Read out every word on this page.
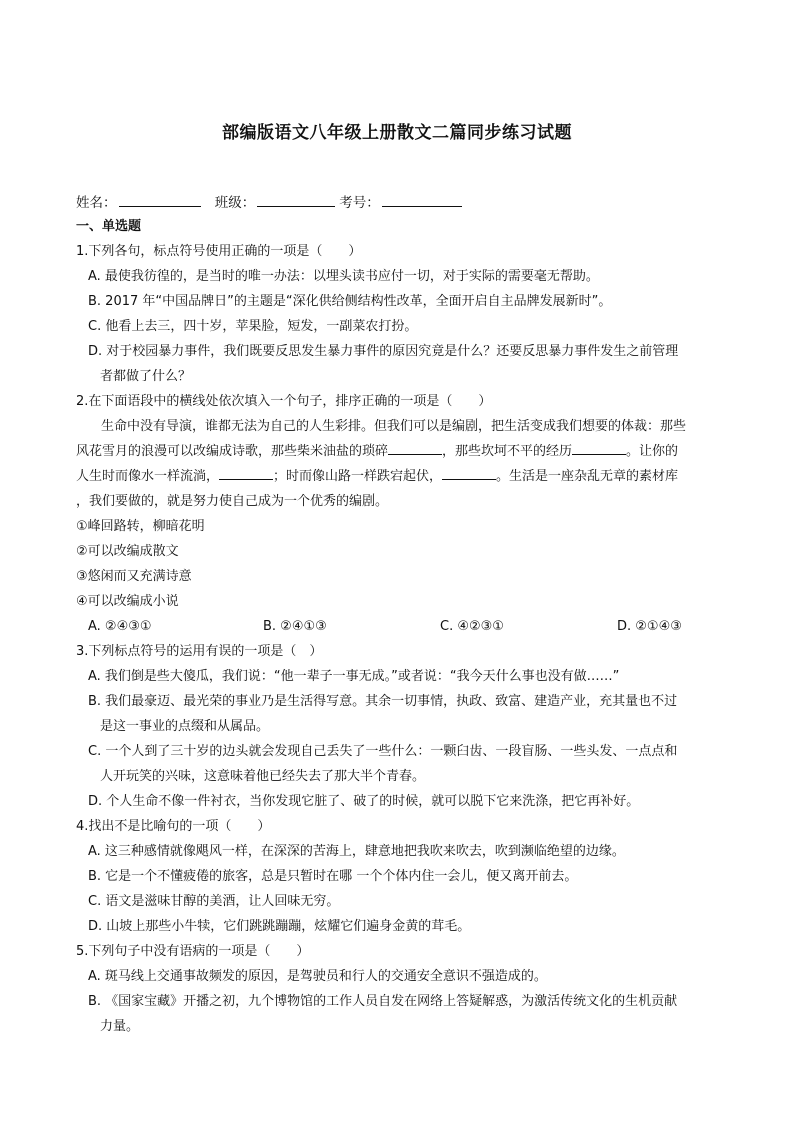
部编版语文八年级上册散文二篇同步练习试题
姓名：	班级：	考号：
一、单选题
1.下列各句，标点符号使用正确的一项是（　　）
A. 最使我彷徨的，是当时的唯一办法：以埋头读书应付一切，对于实际的需要毫无帮助。
B. 2017 年“中国品牌日”的主题是“深化供给侧结构性改革，全面开启自主品牌发展新时”。
C. 他看上去三，四十岁，苹果脸，短发，一副菜农打扮。
D. 对于校园暴力事件，我们既要反思发生暴力事件的原因究竟是什么？还要反思暴力事件发生之前管理
者都做了什么？
2.在下面语段中的横线处依次填入一个句子，排序正确的一项是（　　）
生命中没有导演，谁都无法为自己的人生彩排。但我们可以是编剧，把生活变成我们想要的体裁：那些
风花雪月的浪漫可以改编成诗歌，那些柴米油盐的琐碎	，那些坎坷不平的经历	。让你的
人生时而像水一样流淌，	；时而像山路一样跌宕起伏，	。生活是一座杂乱无章的素材库
，我们要做的，就是努力使自己成为一个优秀的编剧。
①峰回路转，柳暗花明
②可以改编成散文
③悠闲而又充满诗意
④可以改编成小说
A. ②④③①	B. ②④①③	C. ④②③①	D. ②①④③
3.下列标点符号的运用有误的一项是（　）
A. 我们倒是些大傻瓜，我们说：“他一辈子一事无成。”或者说：“我今天什么事也没有做……”
B. 我们最豪迈、最光荣的事业乃是生活得写意。其余一切事情，执政、致富、建造产业，充其量也不过
是这一事业的点缀和从属品。
C. 一个人到了三十岁的边头就会发现自己丢失了一些什么：一颗臼齿、一段盲肠、一些头发、一点点和
人开玩笑的兴味，这意味着他已经失去了那大半个青春。
D. 个人生命不像一件衬衣，当你发现它脏了、破了的时候，就可以脱下它来洗涤，把它再补好。
4.找出不是比喻句的一项（　　）
A. 这三种感情就像飓风一样，在深深的苦海上，肆意地把我吹来吹去，吹到濒临绝望的边缘。
B. 它是一个不懂疲倦的旅客，总是只暂时在哪 一个个体内住一会儿，便又离开前去。
C. 语文是滋味甘醇的美酒，让人回味无穷。
D. 山坡上那些小牛犊，它们跳跳蹦蹦，炫耀它们遍身金黄的茸毛。
5.下列句子中没有语病的一项是（　　）
A. 斑马线上交通事故频发的原因，是驾驶员和行人的交通安全意识不强造成的。
B. 《国家宝藏》开播之初，九个博物馆的工作人员自发在网络上答疑解惑，为激活传统文化的生机贡献
力量。
